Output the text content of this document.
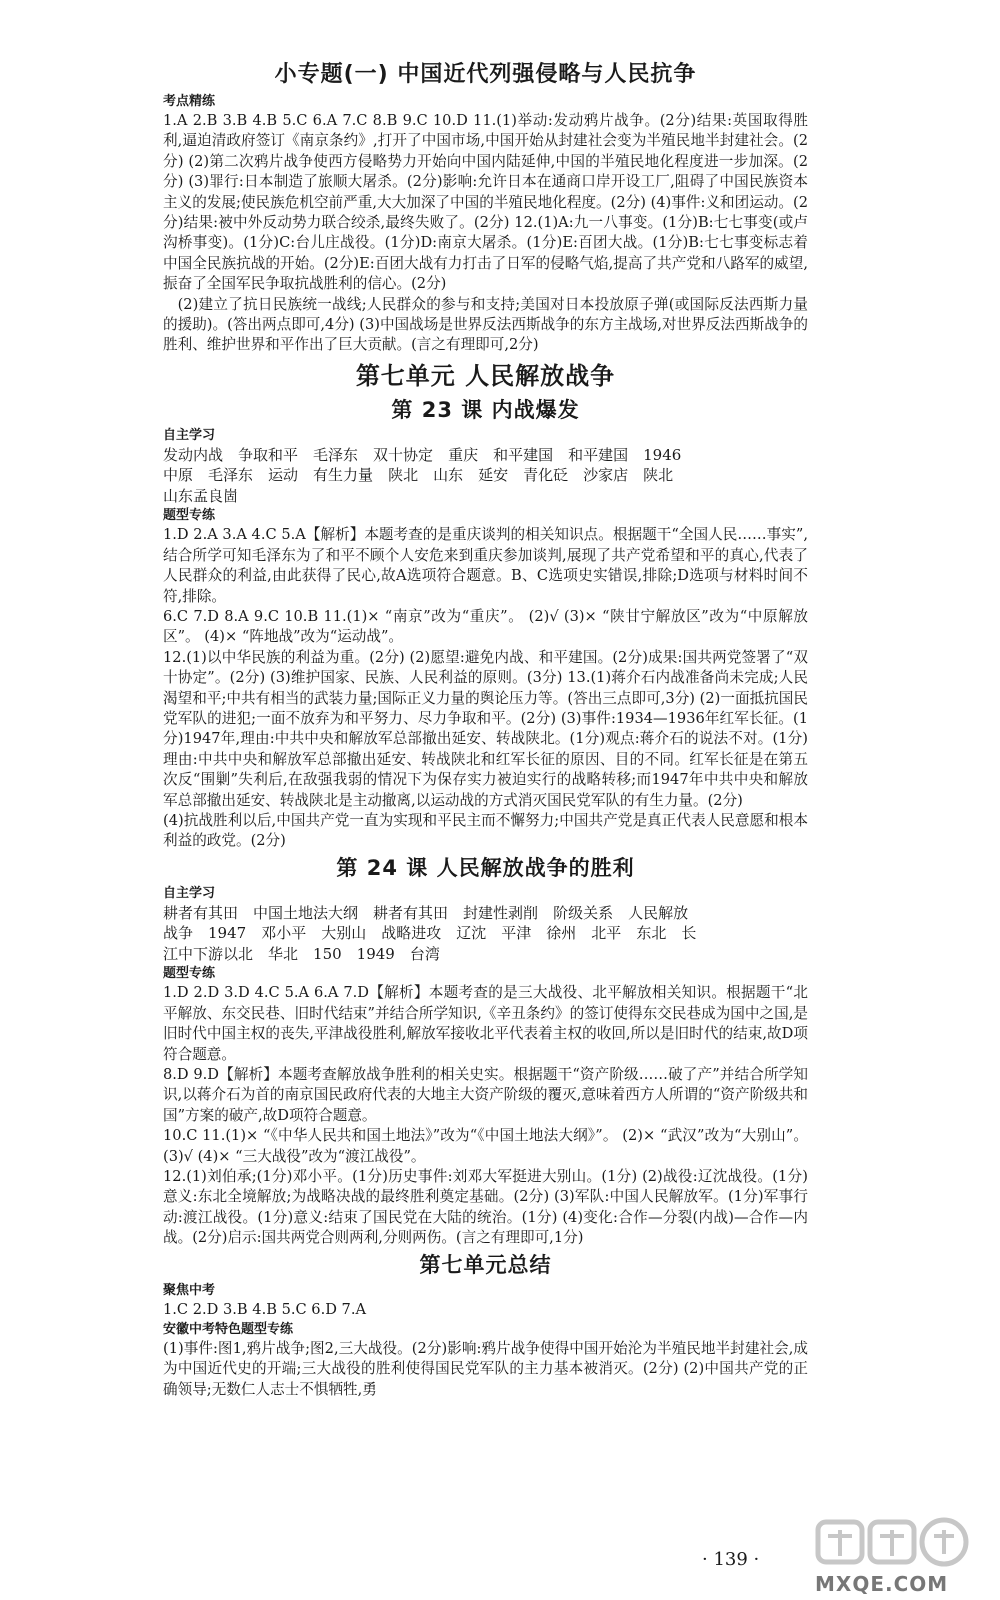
小专题(一) 中国近代列强侵略与人民抗争
考点精练
1.A 2.B 3.B 4.B 5.C 6.A 7.C 8.B 9.C 10.D 11.(1)举动:发动鸦片战争。(2分)结果:英国取得胜利,逼迫清政府签订《南京条约》,打开了中国市场,中国开始从封建社会变为半殖民地半封建社会。(2分) (2)第二次鸦片战争使西方侵略势力开始向中国内陆延伸,中国的半殖民地化程度进一步加深。(2分) (3)罪行:日本制造了旅顺大屠杀。(2分)影响:允许日本在通商口岸开设工厂,阻碍了中国民族资本主义的发展;使民族危机空前严重,大大加深了中国的半殖民地化程度。(2分) (4)事件:义和团运动。(2分)结果:被中外反动势力联合绞杀,最终失败了。(2分) 12.(1)A:九一八事变。(1分)B:七七事变(或卢沟桥事变)。(1分)C:台儿庄战役。(1分)D:南京大屠杀。(1分)E:百团大战。(1分)B:七七事变标志着中国全民族抗战的开始。(2分)E:百团大战有力打击了日军的侵略气焰,提高了共产党和八路军的威望,振奋了全国军民争取抗战胜利的信心。(2分)
(2)建立了抗日民族统一战线;人民群众的参与和支持;美国对日本投放原子弹(或国际反法西斯力量的援助)。(答出两点即可,4分) (3)中国战场是世界反法西斯战争的东方主战场,对世界反法西斯战争的胜利、维护世界和平作出了巨大贡献。(言之有理即可,2分)
第七单元 人民解放战争
第 23 课 内战爆发
自主学习
发动内战 争取和平 毛泽东 双十协定 重庆 和平建国 和平建国 1946
中原 毛泽东 运动 有生力量 陕北 山东 延安 青化砭 沙家店 陕北
山东孟良崮
题型专练
1.D 2.A 3.A 4.C 5.A【解析】本题考查的是重庆谈判的相关知识点。根据题干“全国人民……事实”,结合所学可知毛泽东为了和平不顾个人安危来到重庆参加谈判,展现了共产党希望和平的真心,代表了人民群众的利益,由此获得了民心,故A选项符合题意。B、C选项史实错误,排除;D选项与材料时间不符,排除。
6.C 7.D 8.A 9.C 10.B 11.(1)× “南京”改为“重庆”。 (2)√ (3)× “陕甘宁解放区”改为“中原解放区”。 (4)× “阵地战”改为“运动战”。
12.(1)以中华民族的利益为重。(2分) (2)愿望:避免内战、和平建国。(2分)成果:国共两党签署了“双十协定”。(2分) (3)维护国家、民族、人民利益的原则。(3分) 13.(1)蒋介石内战准备尚未完成;人民渴望和平;中共有相当的武装力量;国际正义力量的舆论压力等。(答出三点即可,3分) (2)一面抵抗国民党军队的进犯;一面不放弃为和平努力、尽力争取和平。(2分) (3)事件:1934—1936年红军长征。(1分)1947年,理由:中共中央和解放军总部撤出延安、转战陕北。(1分)观点:蒋介石的说法不对。(1分)理由:中共中央和解放军总部撤出延安、转战陕北和红军长征的原因、目的不同。红军长征是在第五次反“围剿”失利后,在敌强我弱的情况下为保存实力被迫实行的战略转移;而1947年中共中央和解放军总部撤出延安、转战陕北是主动撤离,以运动战的方式消灭国民党军队的有生力量。(2分)
(4)抗战胜利以后,中国共产党一直为实现和平民主而不懈努力;中国共产党是真正代表人民意愿和根本利益的政党。(2分)
第 24 课 人民解放战争的胜利
自主学习
耕者有其田 中国土地法大纲 耕者有其田 封建性剥削 阶级关系 人民解放
战争 1947 邓小平 大别山 战略进攻 辽沈 平津 徐州 北平 东北 长
江中下游以北 华北 150 1949 台湾
题型专练
1.D 2.D 3.D 4.C 5.A 6.A 7.D【解析】本题考查的是三大战役、北平解放相关知识。根据题干“北平解放、东交民巷、旧时代结束”并结合所学知识,《辛丑条约》的签订使得东交民巷成为国中之国,是旧时代中国主权的丧失,平津战役胜利,解放军接收北平代表着主权的收回,所以是旧时代的结束,故D项符合题意。
8.D 9.D【解析】本题考查解放战争胜利的相关史实。根据题干“资产阶级……破了产”并结合所学知识,以蒋介石为首的南京国民政府代表的大地主大资产阶级的覆灭,意味着西方人所谓的“资产阶级共和国”方案的破产,故D项符合题意。
10.C 11.(1)× “《中华人民共和国土地法》”改为“《中国土地法大纲》”。 (2)× “武汉”改为“大别山”。 (3)√ (4)× “三大战役”改为“渡江战役”。
12.(1)刘伯承;(1分)邓小平。(1分)历史事件:刘邓大军挺进大别山。(1分) (2)战役:辽沈战役。(1分)意义:东北全境解放;为战略决战的最终胜利奠定基础。(2分) (3)军队:中国人民解放军。(1分)军事行动:渡江战役。(1分)意义:结束了国民党在大陆的统治。(1分) (4)变化:合作—分裂(内战)—合作—内战。(2分)启示:国共两党合则两利,分则两伤。(言之有理即可,1分)
第七单元总结
聚焦中考
1.C 2.D 3.B 4.B 5.C 6.D 7.A
安徽中考特色题型专练
(1)事件:图1,鸦片战争;图2,三大战役。(2分)影响:鸦片战争使得中国开始沦为半殖民地半封建社会,成为中国近代史的开端;三大战役的胜利使得国民党军队的主力基本被消灭。(2分) (2)中国共产党的正确领导;无数仁人志士不惧牺牲,勇
· 139 ·
MXQE.COM
